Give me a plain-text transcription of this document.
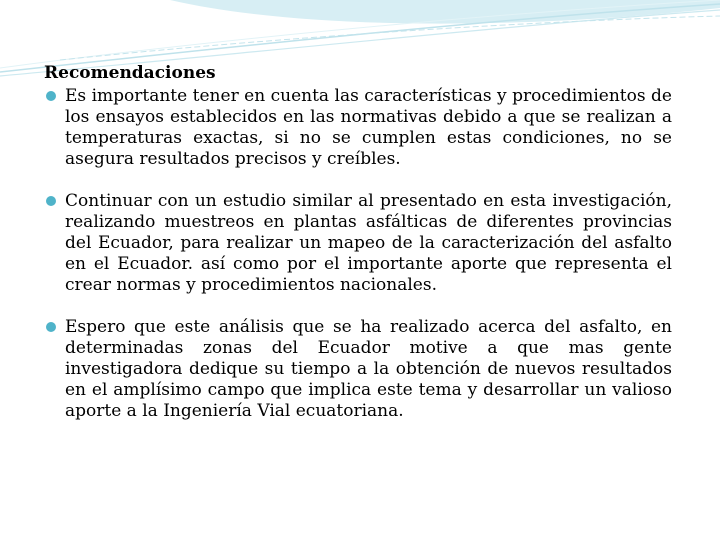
Recomendaciones
Es importante tener en cuenta las características y procedimientos de los ensayos establecidos en las normativas debido a que se realizan a temperaturas exactas, si no se cumplen estas condiciones, no se asegura resultados precisos y creíbles.
Continuar con un estudio similar al presentado en esta investigación, realizando muestreos en plantas asfálticas de diferentes provincias del Ecuador, para realizar un mapeo de la caracterización del asfalto en el Ecuador. así como por el importante aporte que representa el crear normas y procedimientos nacionales.
Espero que este análisis que se ha realizado acerca del asfalto, en determinadas zonas del Ecuador motive a que mas gente investigadora dedique su tiempo a la obtención de nuevos resultados en el amplísimo campo que implica este tema y desarrollar un valioso aporte a la Ingeniería Vial ecuatoriana.
